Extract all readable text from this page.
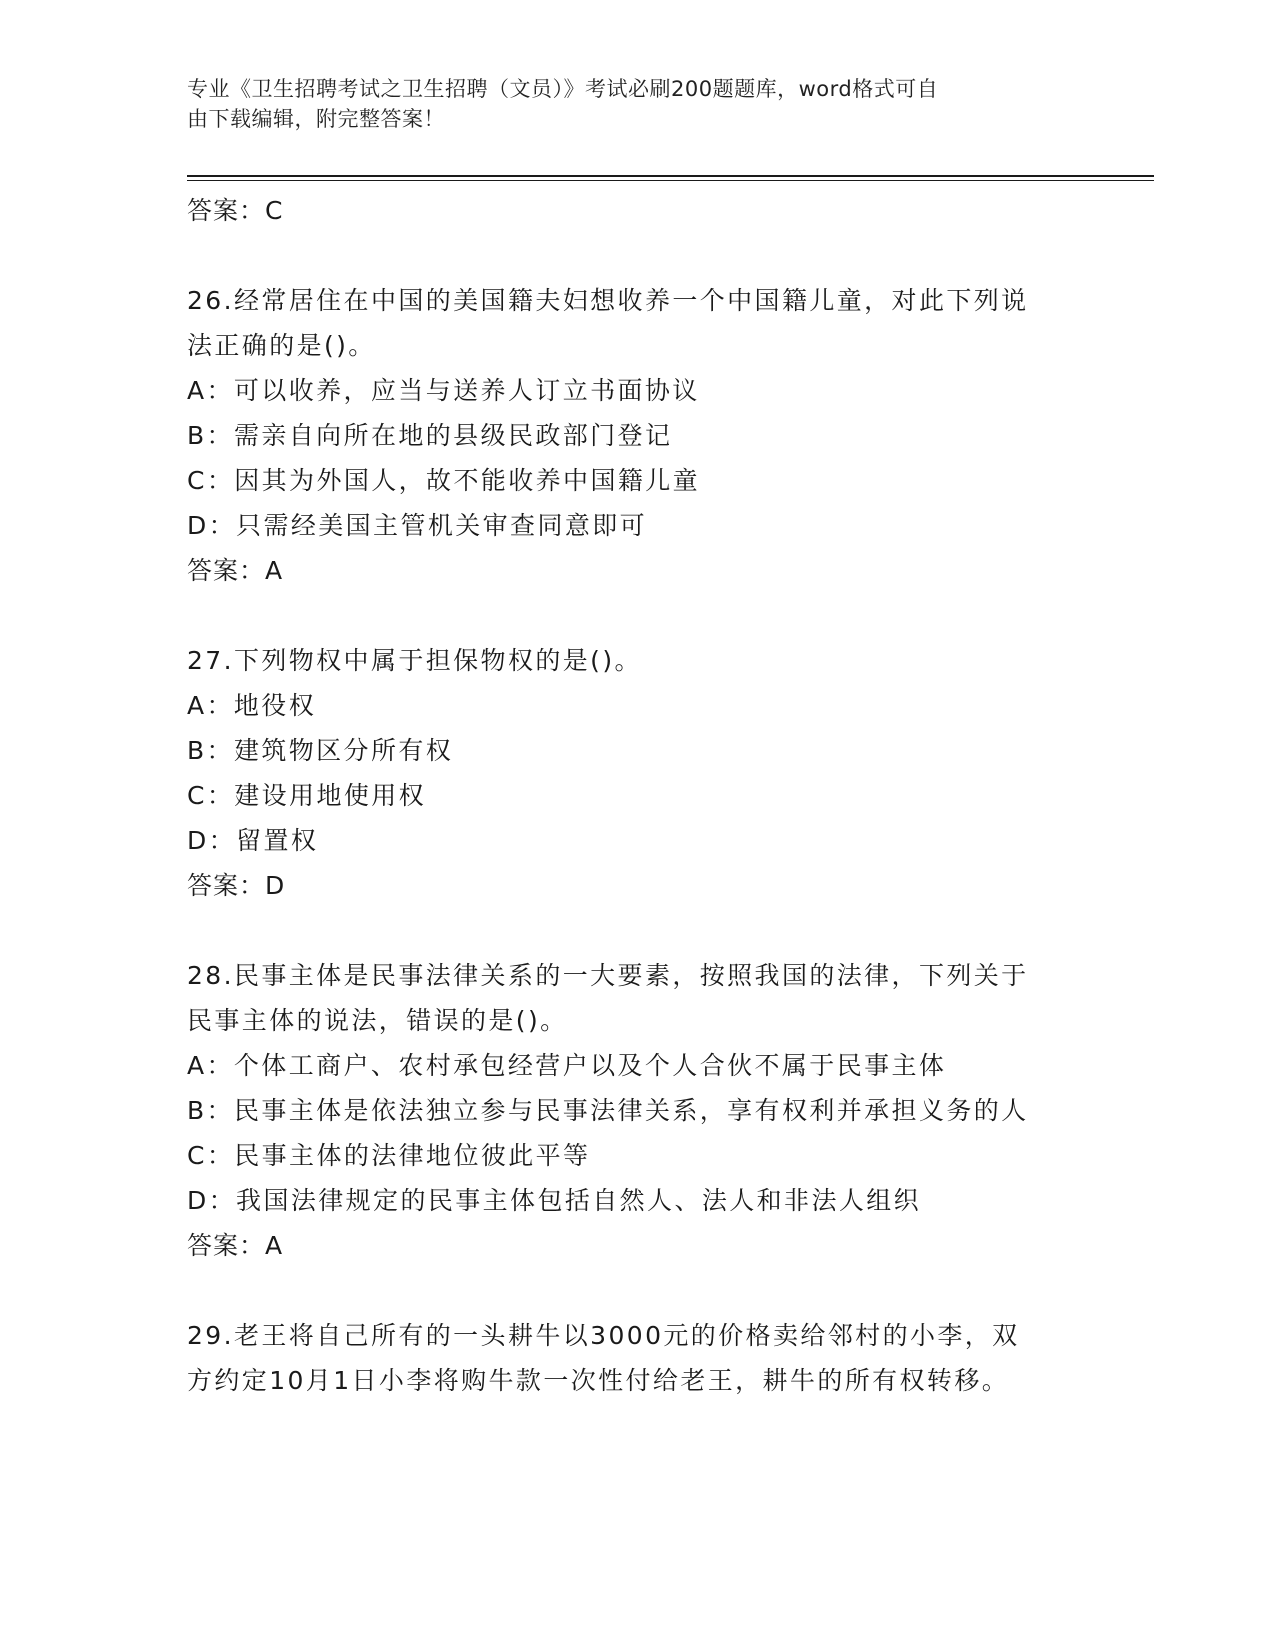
专业《卫生招聘考试之卫生招聘（文员）》考试必刷200题题库，word格式可自
由下载编辑，附完整答案！
答案：C
26.经常居住在中国的美国籍夫妇想收养一个中国籍儿童，对此下列说
法正确的是()。
A：可以收养，应当与送养人订立书面协议
B：需亲自向所在地的县级民政部门登记
C：因其为外国人，故不能收养中国籍儿童
D：只需经美国主管机关审查同意即可
答案：A
27.下列物权中属于担保物权的是()。
A：地役权
B：建筑物区分所有权
C：建设用地使用权
D：留置权
答案：D
28.民事主体是民事法律关系的一大要素，按照我国的法律，下列关于
民事主体的说法，错误的是()。
A：个体工商户、农村承包经营户以及个人合伙不属于民事主体
B：民事主体是依法独立参与民事法律关系，享有权利并承担义务的人
C：民事主体的法律地位彼此平等
D：我国法律规定的民事主体包括自然人、法人和非法人组织
答案：A
29.老王将自己所有的一头耕牛以3000元的价格卖给邻村的小李，双
方约定10月1日小李将购牛款一次性付给老王，耕牛的所有权转移。
